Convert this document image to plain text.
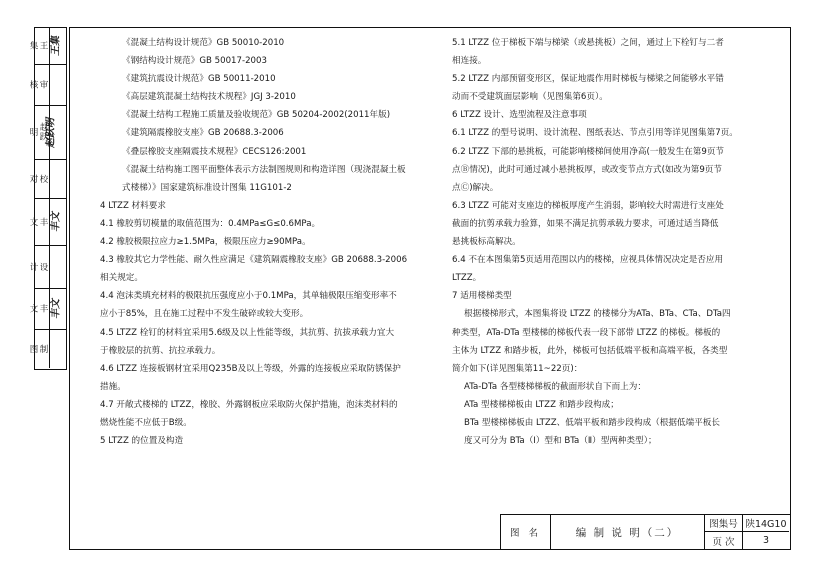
王 集	王集
审 核
赵跃明 赵跃明
校 对
丰 文	丰文
设 计
丰 文	丰文
制 图

《混凝土结构设计规范》GB 50010-2010

《钢结构设计规范》GB 50017-2003

《建筑抗震设计规范》GB 50011-2010

《高层建筑混凝土结构技术规程》JGJ 3-2010

《混凝土结构工程施工质量及验收规范》GB 50204-2002(2011年版)

《建筑隔震橡胶支座》GB 20688.3-2006

《叠层橡胶支座隔震技术规程》CECS126:2001

《混凝土结构施工图平面整体表示方法制图规则和构造详图（现浇混凝土板

式楼梯）》国家建筑标准设计图集 11G101-2

4 LTZZ 材料要求

4.1 橡胶剪切模量的取值范围为：0.4MPa≤G≤0.6MPa。

4.2 橡胶极限拉应力≥1.5MPa，极限压应力≥90MPa。

4.3 橡胶其它力学性能、耐久性应满足《建筑隔震橡胶支座》GB 20688.3-2006

相关规定。

4.4 泡沫类填充材料的极限抗压强度应小于0.1MPa，其单轴极限压缩变形率不

应小于85%，且在施工过程中不发生破碎或较大变形。

4.5 LTZZ 栓钉的材料宜采用5.6级及以上性能等级，其抗剪、抗拔承载力宜大

于橡胶层的抗剪、抗拉承载力。

4.6 LTZZ 连接板钢材宜采用Q235B及以上等级，外露的连接板应采取防锈保护

措施。

4.7 开敞式楼梯的 LTZZ，橡胶、外露钢板应采取防火保护措施，泡沫类材料的

燃烧性能不应低于B级。

5 LTZZ 的位置及构造

5.1 LTZZ 位于梯板下端与梯梁（或悬挑板）之间，通过上下栓钉与二者

相连接。

5.2 LTZZ 内部预留变形区，保证地震作用时梯板与梯梁之间能够水平错

动而不受建筑面层影响（见图集第6页）。

6 LTZZ 设计、选型流程及注意事项

6.1 LTZZ 的型号说明、设计流程、图纸表达、节点引用等详见图集第7页。

6.2 LTZZ 下部的悬挑板，可能影响楼梯间使用净高(一般发生在第9页节

点Ⓑ情况)，此时可通过减小悬挑板厚，或改变节点方式(如改为第9页节

点Ⓒ)解决。

6.3 LTZZ 可能对支座边的梯板厚度产生消弱，影响较大时需进行支座处

截面的抗剪承载力验算，如果不满足抗剪承载力要求，可通过适当降低

悬挑板标高解决。

6.4 不在本图集第5页适用范围以内的楼梯，应视具体情况决定是否应用

LTZZ。

7 适用楼梯类型

根据楼梯形式，本图集将设 LTZZ 的楼梯分为ATa、BTa、CTa、DTa四

种类型，ATa-DTa 型楼梯的梯板代表一段下部带 LTZZ 的梯板。梯板的

主体为 LTZZ 和踏步板，此外，梯板可包括低端平板和高端平板，各类型

简介如下(详见图集第11~22页)：

ATa-DTa 各型楼梯梯板的截面形状自下而上为：

ATa 型楼梯梯板由 LTZZ 和踏步段构成；

BTa 型楼梯梯板由 LTZZ、低端平板和踏步段构成（根据低端平板长

度又可分为 BTa（Ⅰ）型和 BTa（Ⅱ）型两种类型）；

图 名	编 制 说 明（二）
图集号 陕14G10
页 次	3
